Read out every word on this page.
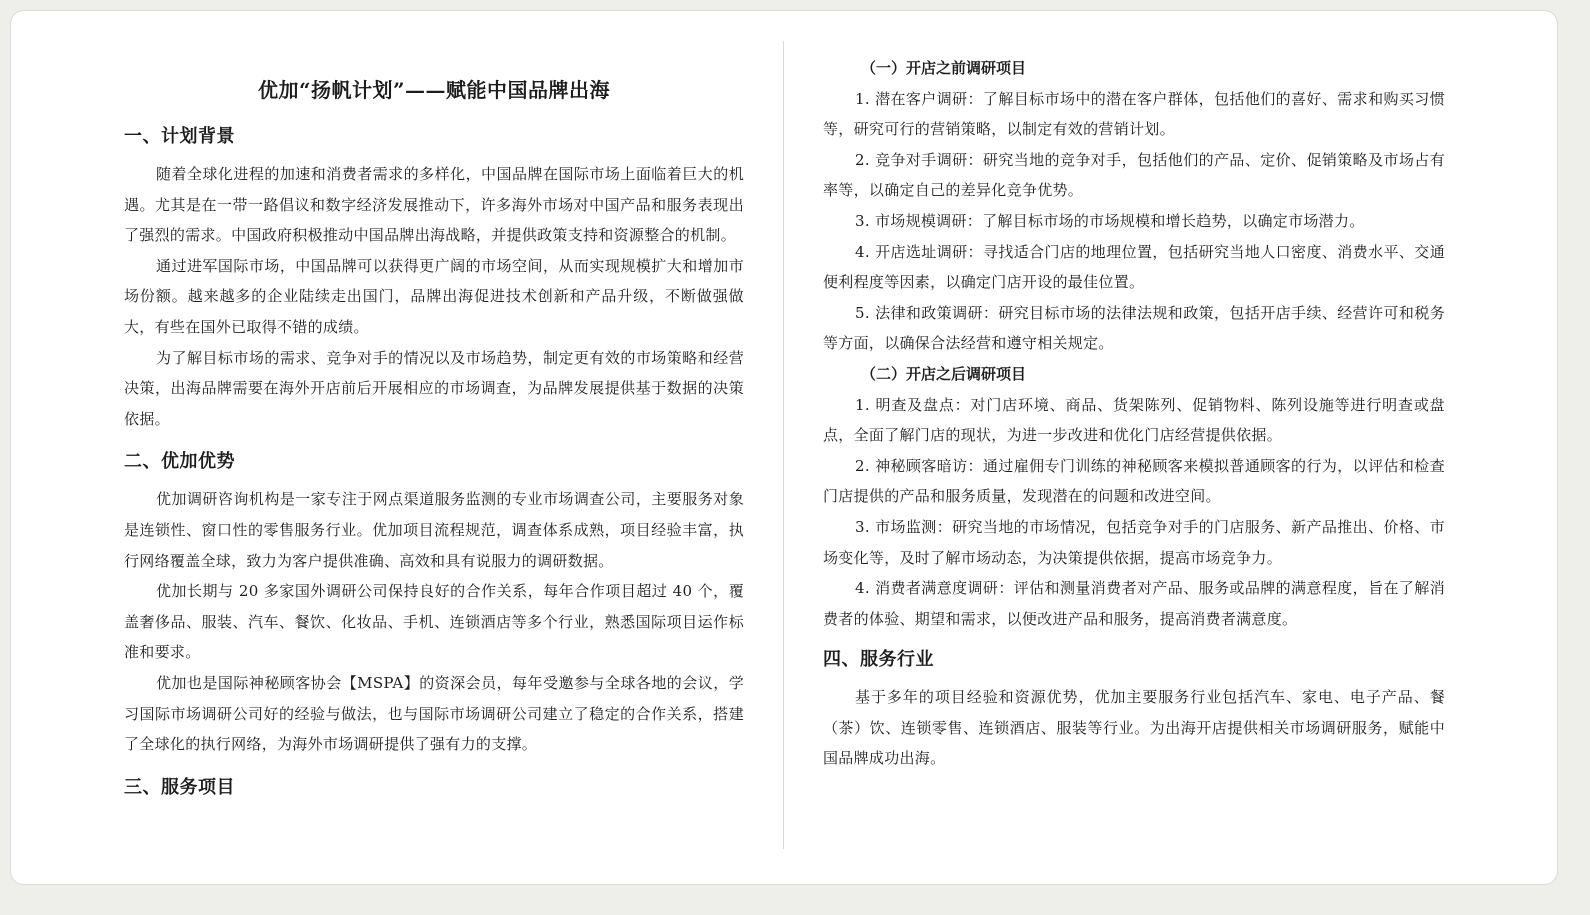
优加“扬帆计划”——赋能中国品牌出海
一、计划背景

随着全球化进程的加速和消费者需求的多样化，中国品牌在国际市场上面临着巨大的机遇。尤其是在一带一路倡议和数字经济发展推动下，许多海外市场对中国产品和服务表现出了强烈的需求。中国政府积极推动中国品牌出海战略，并提供政策支持和资源整合的机制。

通过进军国际市场，中国品牌可以获得更广阔的市场空间，从而实现规模扩大和增加市场份额。越来越多的企业陆续走出国门，品牌出海促进技术创新和产品升级，不断做强做大，有些在国外已取得不错的成绩。

为了解目标市场的需求、竞争对手的情况以及市场趋势，制定更有效的市场策略和经营决策，出海品牌需要在海外开店前后开展相应的市场调查，为品牌发展提供基于数据的决策依据。

二、优加优势

优加调研咨询机构是一家专注于网点渠道服务监测的专业市场调查公司，主要服务对象是连锁性、窗口性的零售服务行业。优加项目流程规范，调查体系成熟，项目经验丰富，执行网络覆盖全球，致力为客户提供准确、高效和具有说服力的调研数据。

优加长期与 20 多家国外调研公司保持良好的合作关系，每年合作项目超过 40 个，覆盖奢侈品、服装、汽车、餐饮、化妆品、手机、连锁酒店等多个行业，熟悉国际项目运作标准和要求。

优加也是国际神秘顾客协会【MSPA】的资深会员，每年受邀参与全球各地的会议，学习国际市场调研公司好的经验与做法，也与国际市场调研公司建立了稳定的合作关系，搭建了全球化的执行网络，为海外市场调研提供了强有力的支撑。

三、服务项目
（一）开店之前调研项目

1. 潜在客户调研：了解目标市场中的潜在客户群体，包括他们的喜好、需求和购买习惯等，研究可行的营销策略，以制定有效的营销计划。

2. 竞争对手调研：研究当地的竞争对手，包括他们的产品、定价、促销策略及市场占有率等，以确定自己的差异化竞争优势。

3. 市场规模调研：了解目标市场的市场规模和增长趋势，以确定市场潜力。

4. 开店选址调研：寻找适合门店的地理位置，包括研究当地人口密度、消费水平、交通便利程度等因素，以确定门店开设的最佳位置。

5. 法律和政策调研：研究目标市场的法律法规和政策，包括开店手续、经营许可和税务等方面，以确保合法经营和遵守相关规定。

（二）开店之后调研项目

1. 明查及盘点：对门店环境、商品、货架陈列、促销物料、陈列设施等进行明查或盘点，全面了解门店的现状，为进一步改进和优化门店经营提供依据。

2. 神秘顾客暗访：通过雇佣专门训练的神秘顾客来模拟普通顾客的行为，以评估和检查门店提供的产品和服务质量，发现潜在的问题和改进空间。

3. 市场监测：研究当地的市场情况，包括竞争对手的门店服务、新产品推出、价格、市场变化等，及时了解市场动态，为决策提供依据，提高市场竞争力。

4. 消费者满意度调研：评估和测量消费者对产品、服务或品牌的满意程度，旨在了解消费者的体验、期望和需求，以便改进产品和服务，提高消费者满意度。

四、服务行业

基于多年的项目经验和资源优势，优加主要服务行业包括汽车、家电、电子产品、餐（茶）饮、连锁零售、连锁酒店、服装等行业。为出海开店提供相关市场调研服务，赋能中国品牌成功出海。
